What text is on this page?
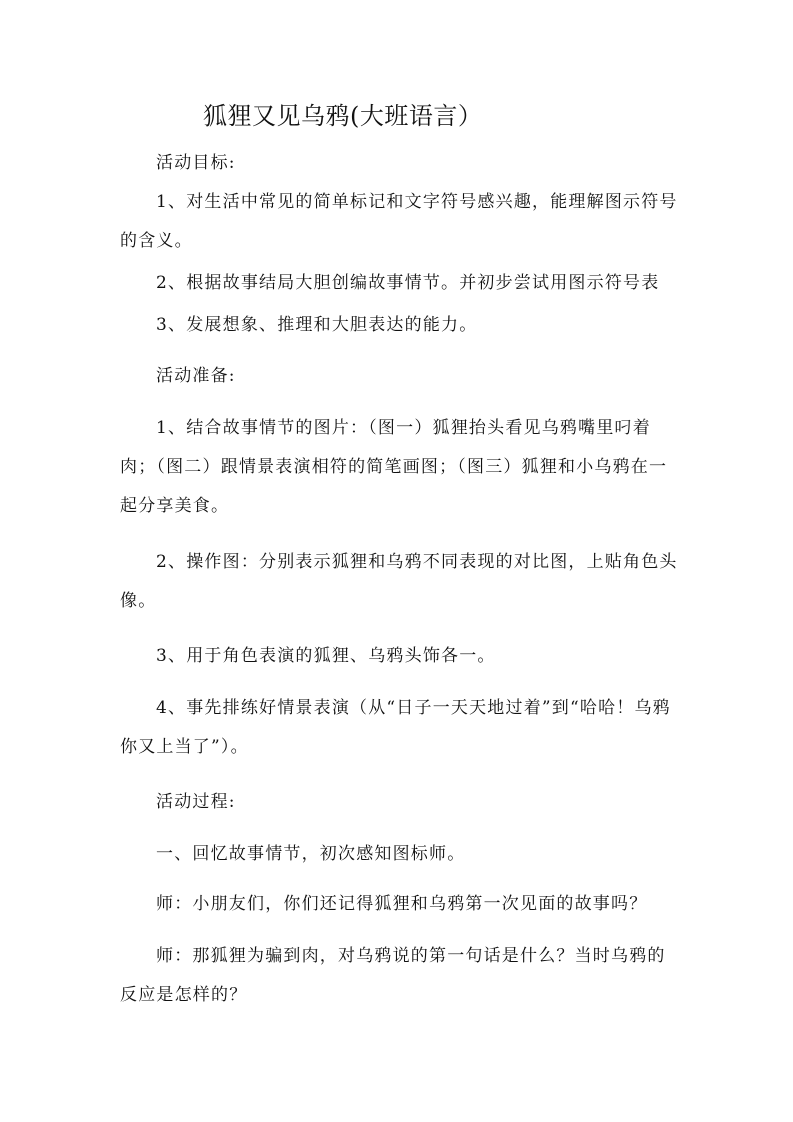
狐狸又见乌鸦(大班语言）

活动目标:

1、对生活中常见的简单标记和文字符号感兴趣，能理解图示符号的含义。

2、根据故事结局大胆创编故事情节。并初步尝试用图示符号表

3、发展想象、推理和大胆表达的能力。

活动准备:

1、结合故事情节的图片：（图一）狐狸抬头看见乌鸦嘴里叼着肉；（图二）跟情景表演相符的简笔画图；（图三）狐狸和小乌鸦在一起分享美食。

2、操作图：分别表示狐狸和乌鸦不同表现的对比图，上贴角色头像。

3、用于角色表演的狐狸、乌鸦头饰各一。

4、事先排练好情景表演（从“日子一天天地过着”到“哈哈！乌鸦你又上当了”）。

活动过程:

一、回忆故事情节，初次感知图标师。

师：小朋友们，你们还记得狐狸和乌鸦第一次见面的故事吗？

师：那狐狸为骗到肉，对乌鸦说的第一句话是什么？当时乌鸦的反应是怎样的？
